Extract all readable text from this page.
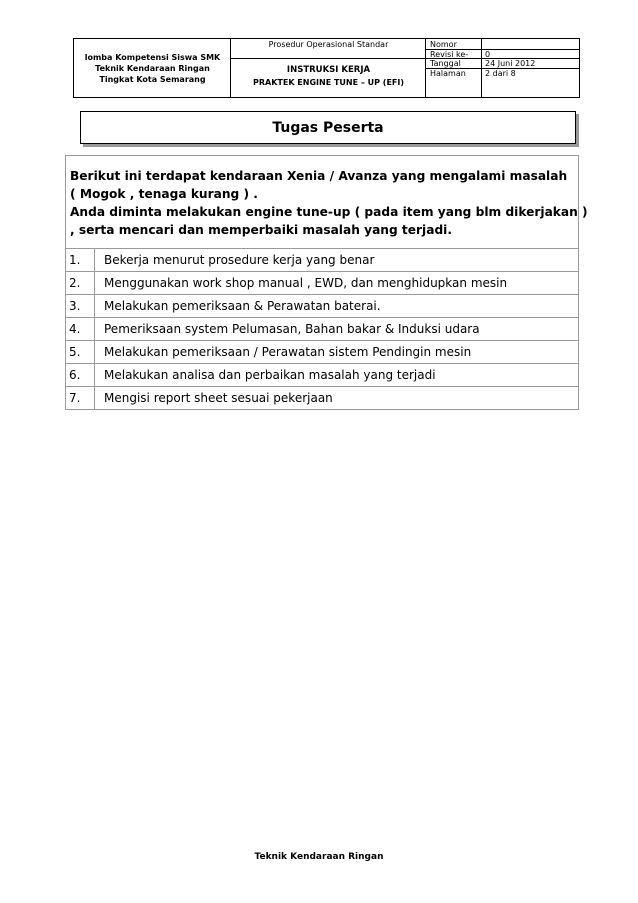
lomba Kompetensi Siswa SMK
Teknik Kendaraan Ringan
Tingkat Kota Semarang
Prosedur Operasional Standar
INSTRUKSI KERJA
PRAKTEK ENGINE TUNE – UP (EFI)
Nomor
Revisi ke- 0
Tanggal	24 Juni 2012
Halaman 2 dari 8
Tugas Peserta
Berikut ini terdapat kendaraan Xenia / Avanza yang mengalami masalah
( Mogok , tenaga kurang ) .
Anda diminta melakukan engine tune-up ( pada item yang blm dikerjakan )
, serta mencari dan memperbaiki masalah yang terjadi.
1.	Bekerja menurut prosedure kerja yang benar
2.	Menggunakan work shop manual , EWD, dan menghidupkan mesin
3.	Melakukan pemeriksaan & Perawatan baterai.
4.	Pemeriksaan system Pelumasan, Bahan bakar & Induksi udara
5.	Melakukan pemeriksaan / Perawatan sistem Pendingin mesin
6.	Melakukan analisa dan perbaikan masalah yang terjadi
7.	Mengisi report sheet sesuai pekerjaan
Teknik Kendaraan Ringan
